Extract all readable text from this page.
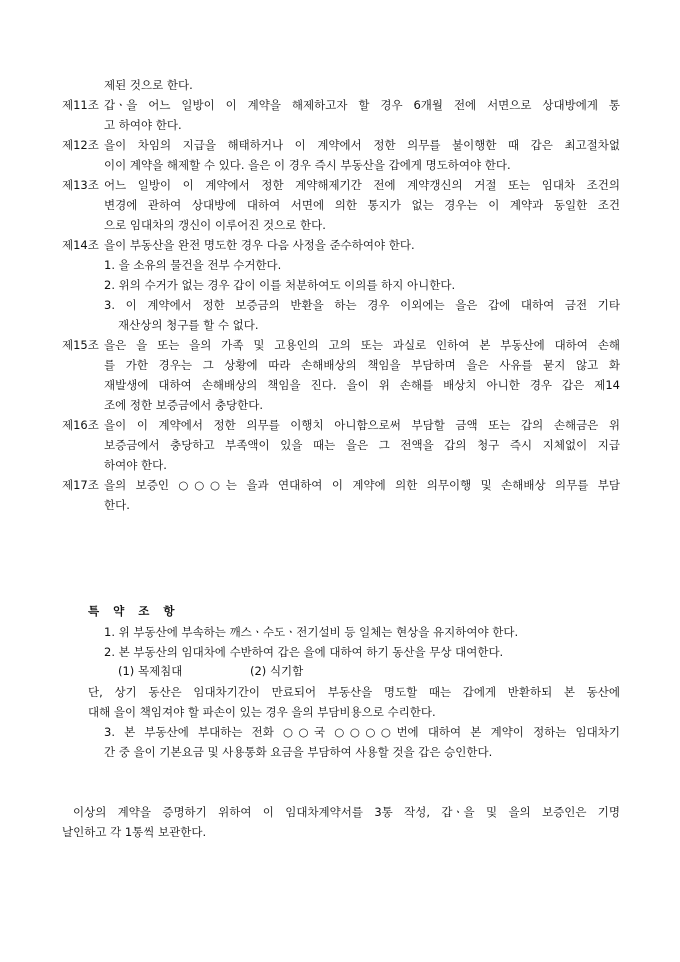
제된 것으로 한다.
제11조 갑ㆍ을 어느 일방이 이 계약을 해제하고자 할 경우 6개월 전에 서면으로 상대방에게 통
고 하여야 한다.
제12조 을이 차임의 지급을 해태하거나 이 계약에서 정한 의무를 불이행한 때 갑은 최고절차없
이이 계약을 해제할 수 있다. 을은 이 경우 즉시 부동산을 갑에게 명도하여야 한다.
제13조 어느 일방이 이 계약에서 정한 계약해제기간 전에 계약갱신의 거절 또는 임대차 조건의
변경에 관하여 상대방에 대하여 서면에 의한 통지가 없는 경우는 이 계약과 동일한 조건
으로 임대차의 갱신이 이루어진 것으로 한다.
제14조 을이 부동산을 완전 명도한 경우 다음 사정을 준수하여야 한다.
1. 을 소유의 물건을 전부 수거한다.
2. 위의 수거가 없는 경우 갑이 이를 처분하여도 이의를 하지 아니한다.
3. 이 계약에서 정한 보증금의 반환을 하는 경우 이외에는 을은 갑에 대하여 금전 기타
재산상의 청구를 할 수 없다.
제15조 을은 을 또는 을의 가족 및 고용인의 고의 또는 과실로 인하여 본 부동산에 대하여 손해
를 가한 경우는 그 상황에 따라 손해배상의 책임을 부담하며 을은 사유를 묻지 않고 화
재발생에 대하여 손해배상의 책임을 진다. 을이 위 손해를 배상치 아니한 경우 갑은 제14
조에 정한 보증금에서 충당한다.
제16조 을이 이 계약에서 정한 의무를 이행치 아니함으로써 부담할 금액 또는 갑의 손해금은 위
보증금에서 충당하고 부족액이 있을 때는 을은 그 전액을 갑의 청구 즉시 지체없이 지급
하여야 한다.
제17조 을의 보증인 ○○○는 을과 연대하여 이 계약에 의한 의무이행 및 손해배상 의무를 부담
한다.
특 약 조 항
1. 위 부동산에 부속하는 깨스ㆍ수도ㆍ전기설비 등 일체는 현상을 유지하여야 한다.
2. 본 부동산의 임대차에 수반하여 갑은 을에 대하여 하기 동산을 무상 대여한다.
(1) 목제침대	(2) 식기함
단, 상기 동산은 임대차기간이 만료되어 부동산을 명도할 때는 갑에게 반환하되 본 동산에
대해 을이 책임져야 할 파손이 있는 경우 을의 부담비용으로 수리한다.
3. 본 부동산에 부대하는 전화 ○○국 ○○○○번에 대하여 본 계약이 정하는 임대차기
간 중 을이 기본요금 및 사용통화 요금을 부담하여 사용할 것을 갑은 승인한다.
이상의 계약을 증명하기 위하여 이 임대차계약서를 3통 작성, 갑ㆍ을 및 을의 보증인은 기명
날인하고 각 1통씩 보관한다.
